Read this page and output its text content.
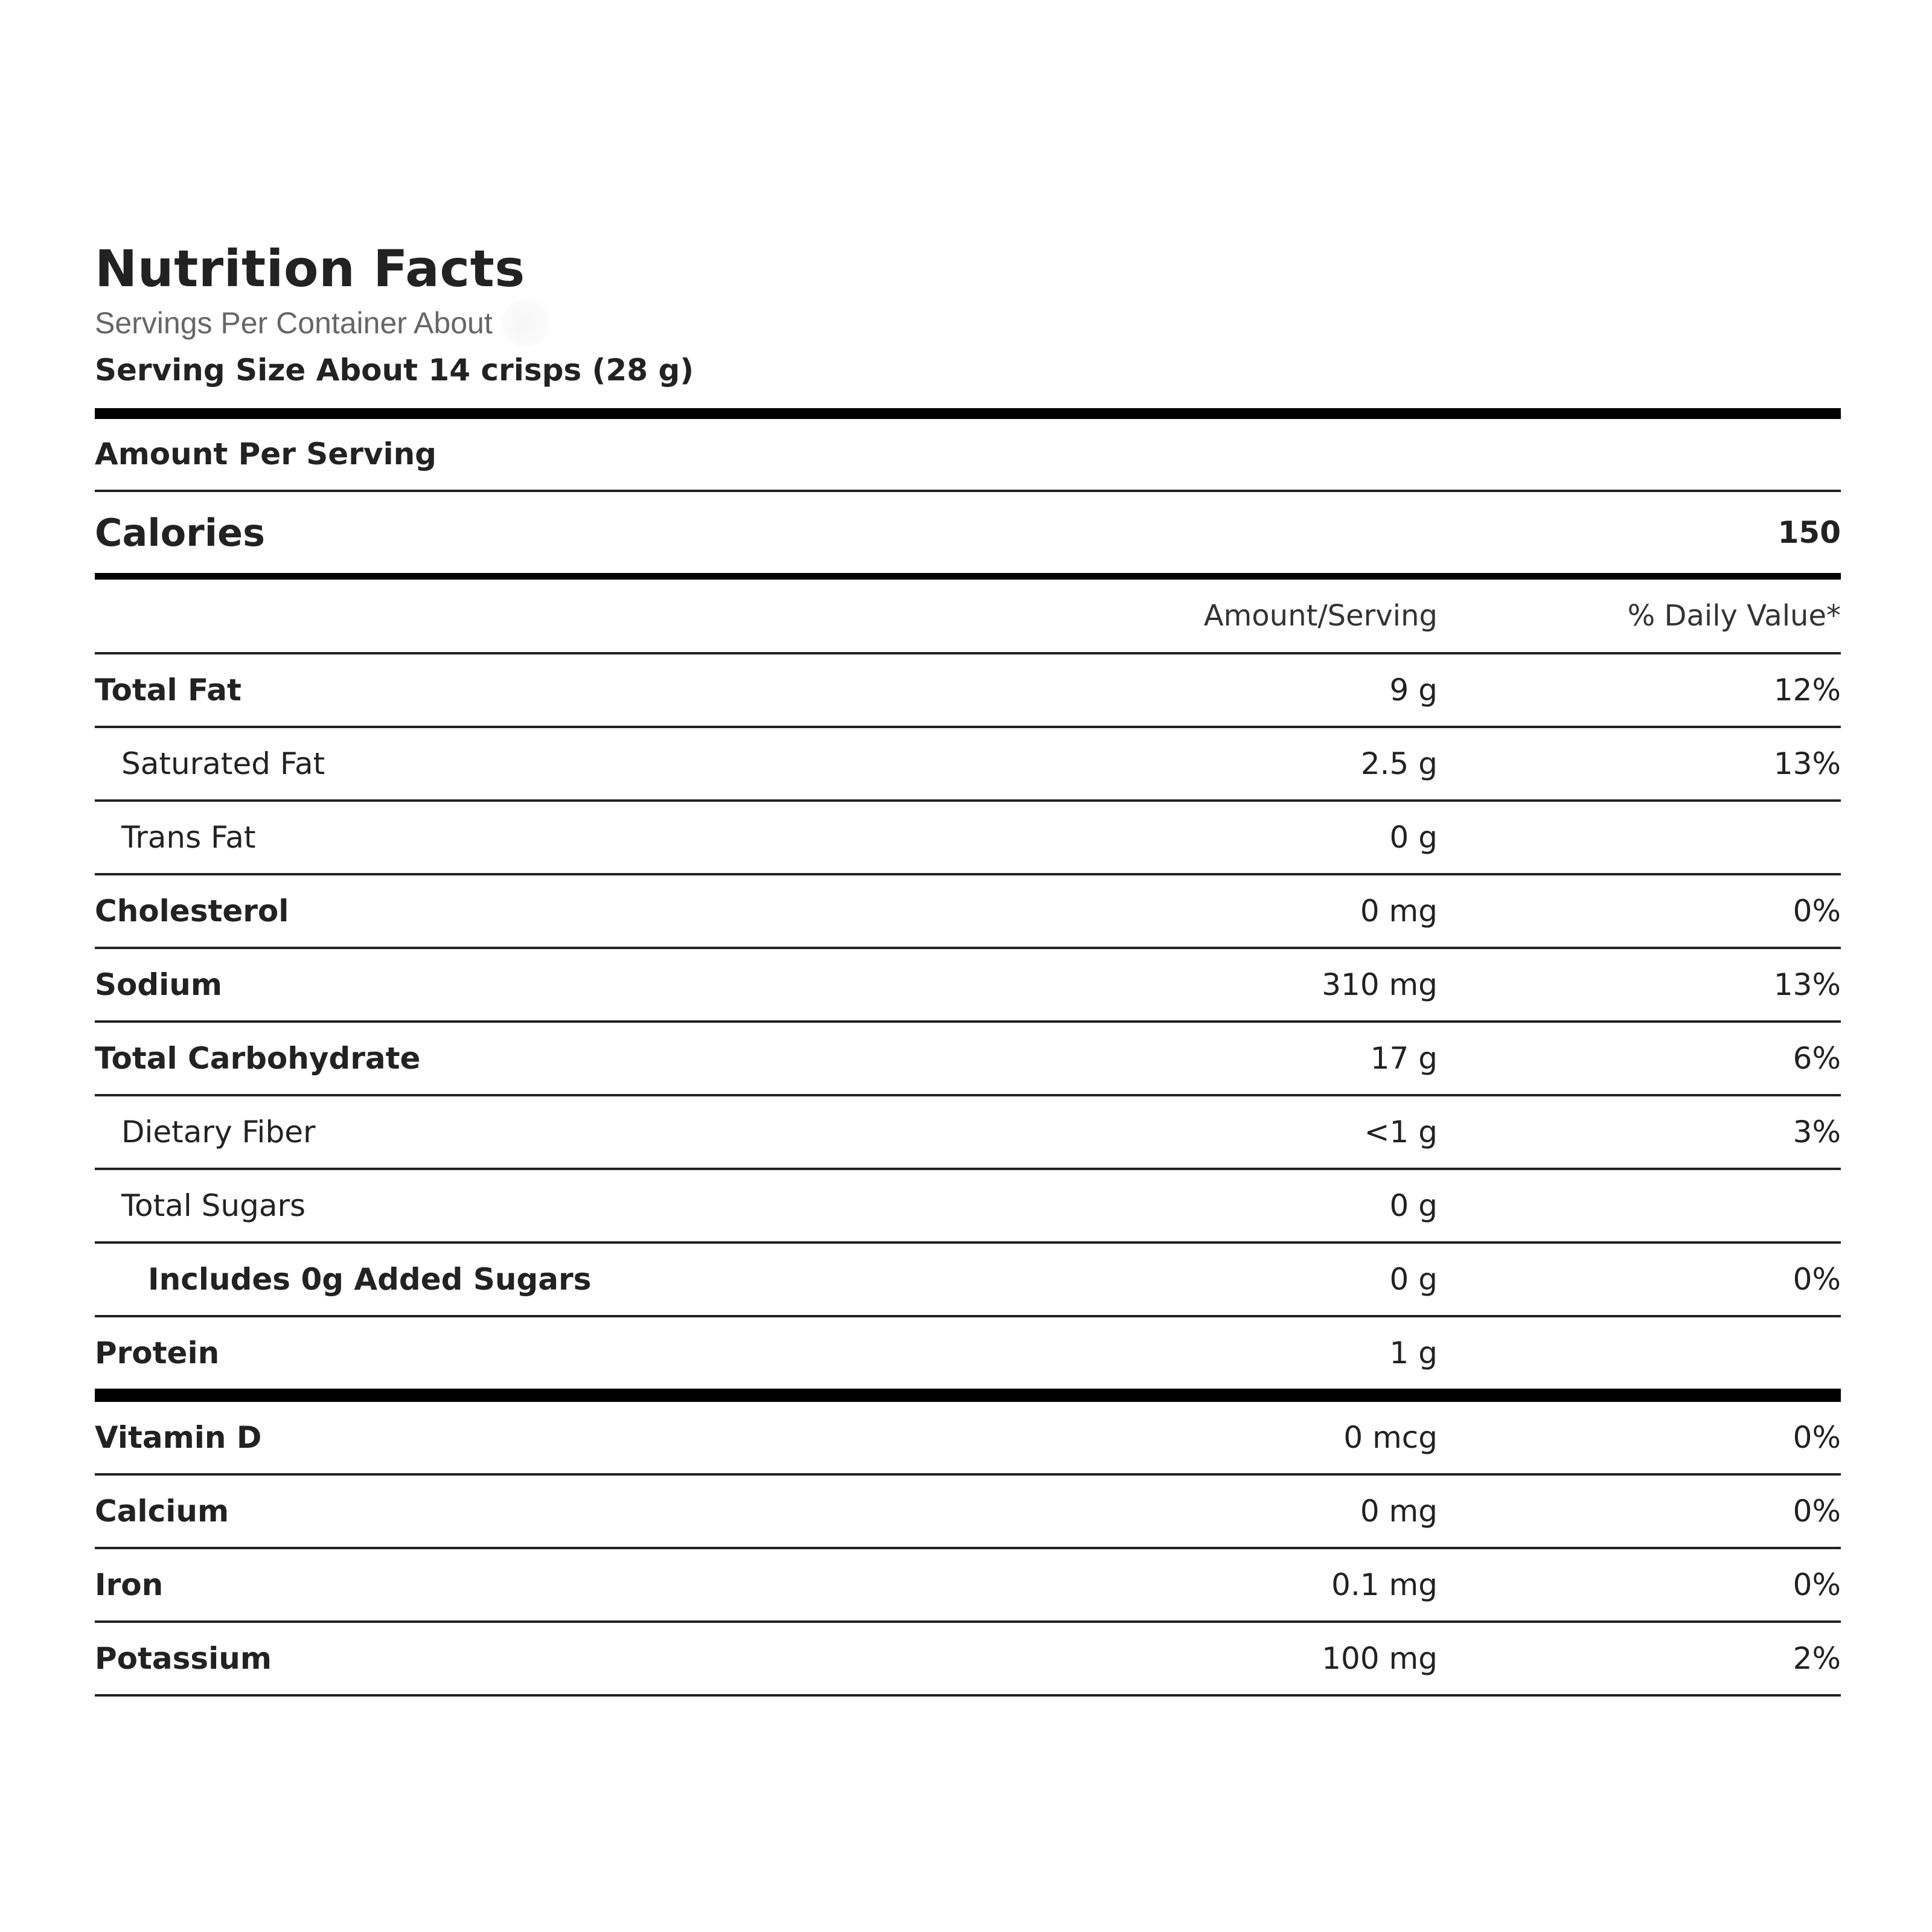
Nutrition Facts
Servings Per Container About
Serving Size About 14 crisps (28 g)
Amount Per Serving
Calories	150
Amount/Serving	% Daily Value*
Total Fat	9 g	12%
Saturated Fat	2.5 g	13%
Trans Fat	0 g
Cholesterol	0 mg	0%
Sodium	310 mg	13%
Total Carbohydrate	17 g	6%
Dietary Fiber	<1 g	3%
Total Sugars	0 g
Includes 0g Added Sugars	0 g	0%
Protein	1 g
Vitamin D	0 mcg	0%
Calcium	0 mg	0%
Iron	0.1 mg	0%
Potassium	100 mg	2%
